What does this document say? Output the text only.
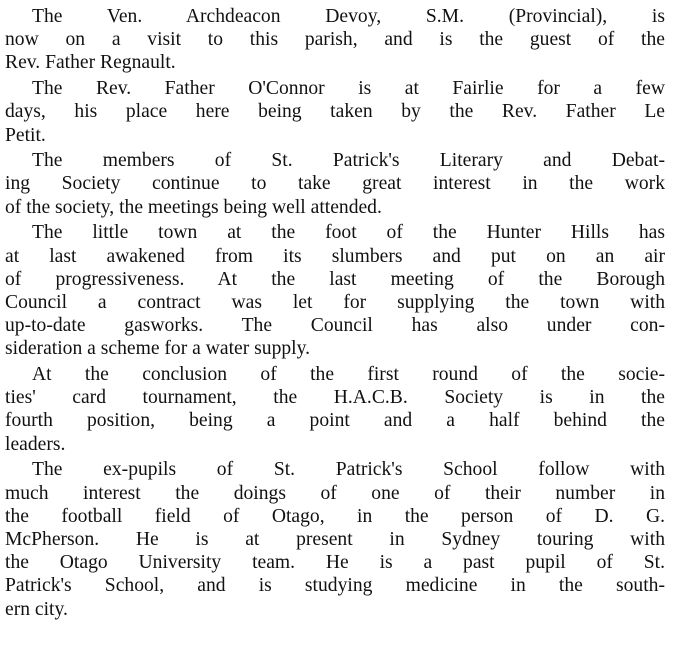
The Ven. Archdeacon Devoy, S.M. (Provincial), is
now on a visit to this parish, and is the guest of the
Rev. Father Regnault.
The Rev. Father O'Connor is at Fairlie for a few
days, his place here being taken by the Rev. Father Le
Petit.
The members of St. Patrick's Literary and Debat-
ing Society continue to take great interest in the work
of the society, the meetings being well attended.
The little town at the foot of the Hunter Hills has
at last awakened from its slumbers and put on an air
of progressiveness. At the last meeting of the Borough
Council a contract was let for supplying the town with
up-to-date gasworks. The Council has also under con-
sideration a scheme for a water supply.
At the conclusion of the first round of the socie-
ties' card tournament, the H.A.C.B. Society is in the
fourth position, being a point and a half behind the
leaders.
The ex-pupils of St. Patrick's School follow with
much interest the doings of one of their number in
the football field of Otago, in the person of D. G.
McPherson. He is at present in Sydney touring with
the Otago University team. He is a past pupil of St.
Patrick's School, and is studying medicine in the south-
ern city.
